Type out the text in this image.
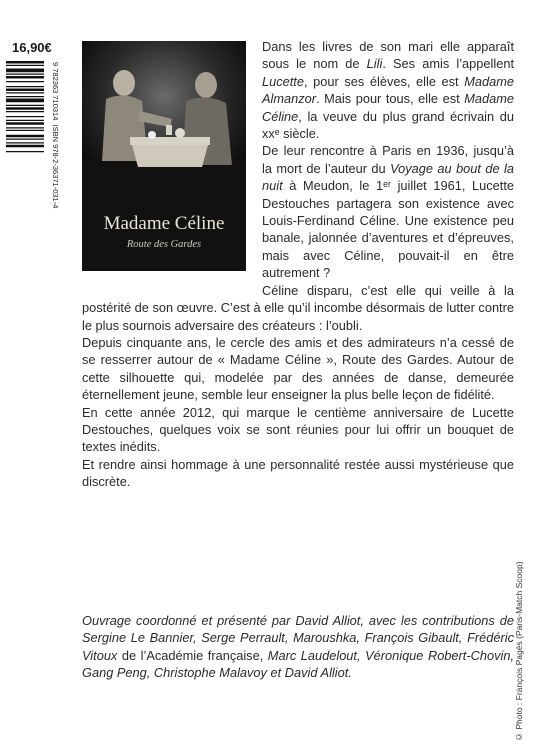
16,90€
9 782363 710314  ISBN 978-2-36371-031-4
Madame Céline
Route des Gardes

Dans les livres de son mari elle apparaît sous le nom de Lili. Ses amis l’appellent Lucette, pour ses élèves, elle est Madame Almanzor. Mais pour tous, elle est Madame Céline, la veuve du plus grand écrivain du xxᵉ siècle.

De leur rencontre à Paris en 1936, jusqu’à la mort de l’auteur du Voyage au bout de la nuit à Meudon, le 1ᵉʳ juillet 1961, Lucette Destouches partagera son existence avec Louis-Ferdinand Céline. Une existence peu banale, jalonnée d’aventures et d’épreuves, mais avec Céline, pouvait-il en être autrement ?

Céline disparu, c’est elle qui veille à la postérité de son œuvre. C’est à elle qu’il incombe désormais de lutter contre le plus sournois adversaire des créateurs : l’oubli.

Depuis cinquante ans, le cercle des amis et des admirateurs n’a cessé de se resserrer autour de « Madame Céline », Route des Gardes. Autour de cette silhouette qui, modelée par des années de danse, demeurée éternellement jeune, semble leur enseigner la plus belle leçon de fidélité.

En cette année 2012, qui marque le centième anniversaire de Lucette Destouches, quelques voix se sont réunies pour lui offrir un bouquet de textes inédits.

Et rendre ainsi hommage à une personnalité restée aussi mystérieuse que discrète.

Ouvrage coordonné et présenté par David Alliot, avec les contributions de Sergine Le Bannier, Serge Perrault, Maroushka, François Gibault, Frédéric Vitoux de l’Académie française, Marc Laudelout, Véronique Robert-Chovin, Gang Peng, Christophe Malavoy et David Alliot.	© Photo : François Pagès (Paris-Match Scoop)
